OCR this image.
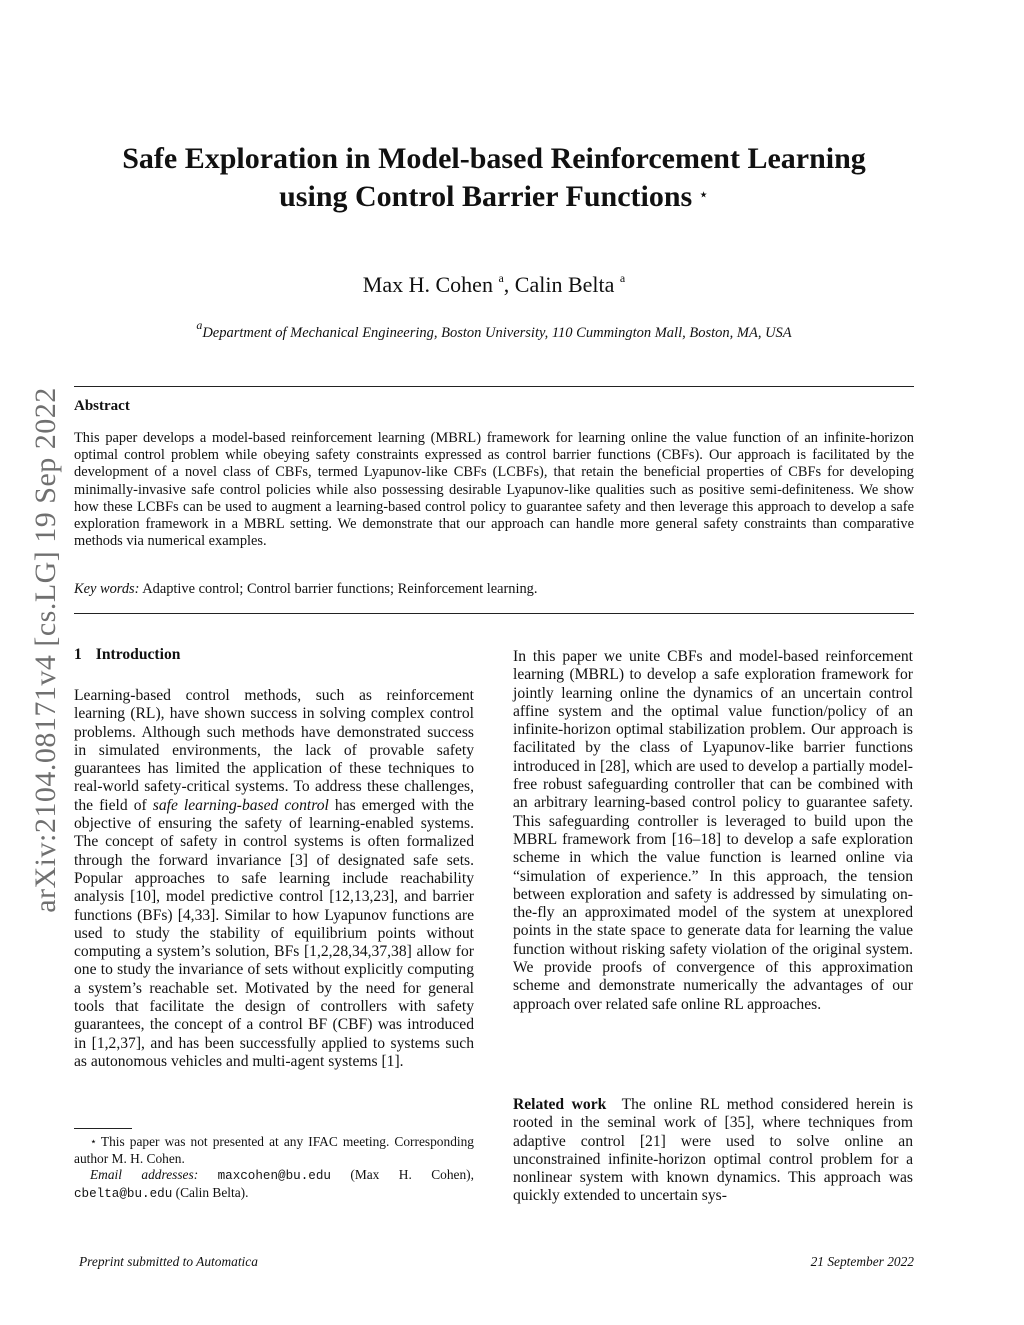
arXiv:2104.08171v4 [cs.LG] 19 Sep 2022
Safe Exploration in Model-based Reinforcement Learning
using Control Barrier Functions ⋆
Max H. Cohen $^a$, Calin Belta $^a$
$^a$Department of Mechanical Engineering, Boston University, 110 Cummington Mall, Boston, MA, USA
Abstract
This paper develops a model-based reinforcement learning (MBRL) framework for learning online the value function of an infinite-horizon optimal control problem while obeying safety constraints expressed as control barrier functions (CBFs). Our approach is facilitated by the development of a novel class of CBFs, termed Lyapunov-like CBFs (LCBFs), that retain the beneficial properties of CBFs for developing minimally-invasive safe control policies while also possessing desirable Lyapunov-like qualities such as positive semi-definiteness. We show how these LCBFs can be used to augment a learning-based control policy to guarantee safety and then leverage this approach to develop a safe exploration framework in a MBRL setting. We demonstrate that our approach can handle more general safety constraints than comparative methods via numerical examples.
Key words: Adaptive control; Control barrier functions; Reinforcement learning.
1 Introduction
Learning-based control methods, such as reinforcement learning (RL), have shown success in solving complex control problems. Although such methods have demonstrated success in simulated environments, the lack of provable safety guarantees has limited the application of these techniques to real-world safety-critical systems. To address these challenges, the field of safe learning-based control has emerged with the objective of ensuring the safety of learning-enabled systems. The concept of safety in control systems is often formalized through the forward invariance [3] of designated safe sets. Popular approaches to safe learning include reachability analysis [10], model predictive control [12,13,23], and barrier functions (BFs) [4,33]. Similar to how Lyapunov functions are used to study the stability of equilibrium points without computing a system’s solution, BFs [1,2,28,34,37,38] allow for one to study the invariance of sets without explicitly computing a system’s reachable set. Motivated by the need for general tools that facilitate the design of controllers with safety guarantees, the concept of a control BF (CBF) was introduced in [1,2,37], and has been successfully applied to systems such as autonomous vehicles and multi-agent systems [1].
In this paper we unite CBFs and model-based reinforcement learning (MBRL) to develop a safe exploration framework for jointly learning online the dynamics of an uncertain control affine system and the optimal value function/policy of an infinite-horizon optimal stabilization problem. Our approach is facilitated by the class of Lyapunov-like barrier functions introduced in [28], which are used to develop a partially model-free robust safeguarding controller that can be combined with an arbitrary learning-based control policy to guarantee safety. This safeguarding controller is leveraged to build upon the MBRL framework from [16–18] to develop a safe exploration scheme in which the value function is learned online via “simulation of experience.” In this approach, the tension between exploration and safety is addressed by simulating on-the-fly an approximated model of the system at unexplored points in the state space to generate data for learning the value function without risking safety violation of the original system. We provide proofs of convergence of this approximation scheme and demonstrate numerically the advantages of our approach over related safe online RL approaches.
Related work The online RL method considered herein is rooted in the seminal work of [35], where techniques from adaptive control [21] were used to solve online an unconstrained infinite-horizon optimal control problem for a nonlinear system with known dynamics. This approach was quickly extended to uncertain sys-

⋆ This paper was not presented at any IFAC meeting. Corresponding author M. H. Cohen.

Email addresses: maxcohen@bu.edu (Max H. Cohen), cbelta@bu.edu (Calin Belta).

Preprint submitted to Automatica	21 September 2022
